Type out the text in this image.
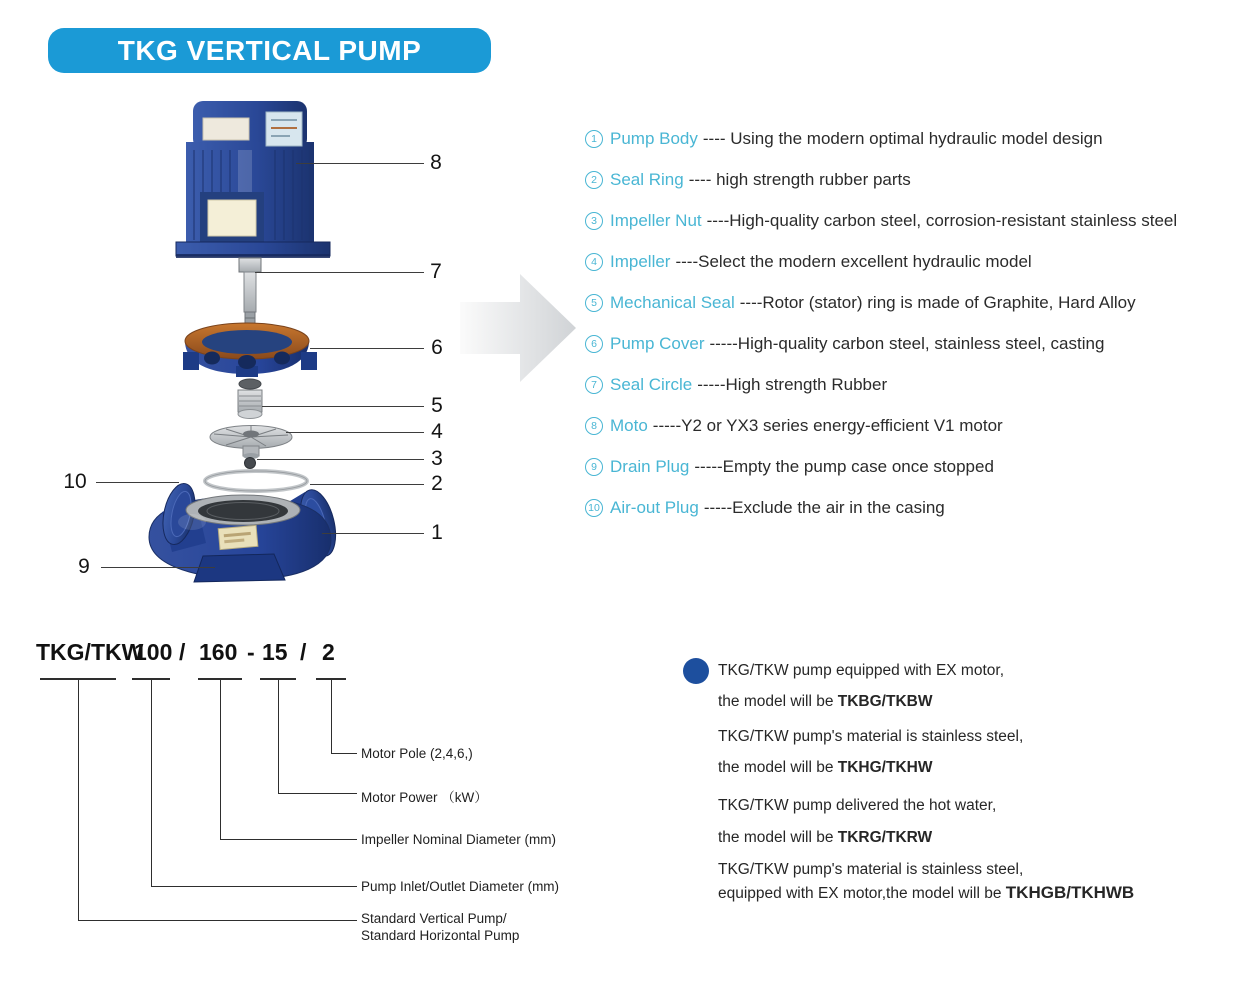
TKG VERTICAL PUMP
1 Pump Body ---- Using the modern optimal hydraulic model design
2 Seal Ring ---- high strength rubber parts
3 Impeller Nut ----High-quality carbon steel, corrosion-resistant stainless steel
4 Impeller ----Select the modern excellent hydraulic model
5 Mechanical Seal ----Rotor (stator) ring is made of Graphite, Hard Alloy
6 Pump Cover -----High-quality carbon steel, stainless steel, casting
7 Seal Circle -----High strength Rubber
8 Moto -----Y2 or YX3 series energy-efficient V1 motor
9 Drain Plug -----Empty the pump case once stopped
10 Air-out Plug -----Exclude the air in the casing
8
7
6
5
4
3
2
1
10
9
TKG/TKW
100 / 160 - 15 / 2
Motor Pole (2,4,6,)
Motor Power （kW）
Impeller Nominal Diameter (mm)
Pump Inlet/Outlet Diameter (mm)
Standard Vertical Pump/
Standard Horizontal Pump
TKG/TKW pump equipped with EX motor,
the model will be TKBG/TKBW
TKG/TKW pump's material is stainless steel,
the model will be TKHG/TKHW
TKG/TKW pump delivered the hot water,
the model will be TKRG/TKRW
TKG/TKW pump's material is stainless steel,
equipped with EX motor,the model will be TKHGB/TKHWB
